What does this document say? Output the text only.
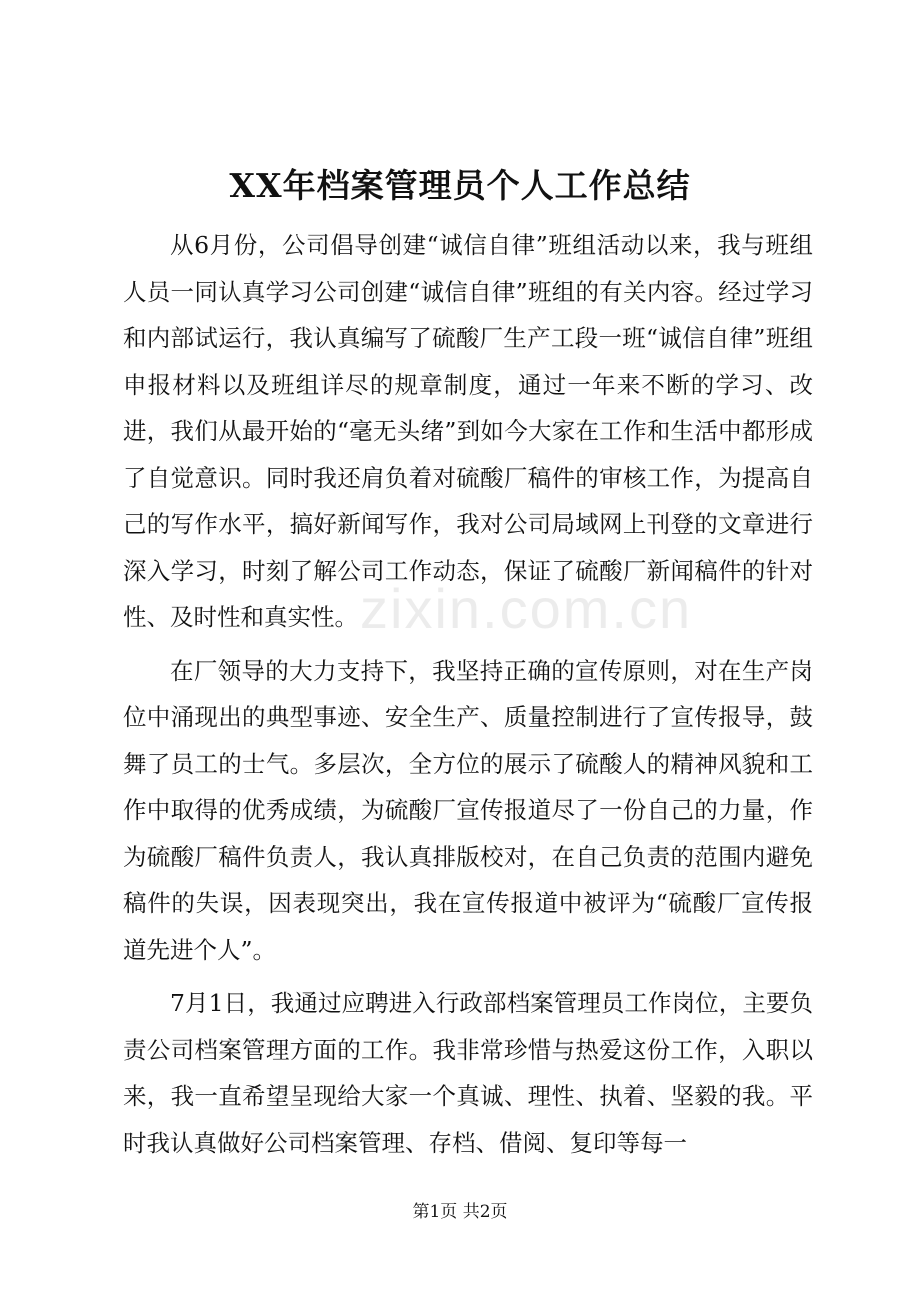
XX年档案管理员个人工作总结

从6月份，公司倡导创建“诚信自律”班组活动以来，我与班组人员一同认真学习公司创建“诚信自律”班组的有关内容。经过学习和内部试运行，我认真编写了硫酸厂生产工段一班“诚信自律”班组申报材料以及班组详尽的规章制度，通过一年来不断的学习、改进，我们从最开始的“毫无头绪”到如今大家在工作和生活中都形成了自觉意识。同时我还肩负着对硫酸厂稿件的审核工作，为提高自己的写作水平，搞好新闻写作，我对公司局域网上刊登的文章进行深入学习，时刻了解公司工作动态，保证了硫酸厂新闻稿件的针对性、及时性和真实性。

在厂领导的大力支持下，我坚持正确的宣传原则，对在生产岗位中涌现出的典型事迹、安全生产、质量控制进行了宣传报导，鼓舞了员工的士气。多层次，全方位的展示了硫酸人的精神风貌和工作中取得的优秀成绩，为硫酸厂宣传报道尽了一份自己的力量，作为硫酸厂稿件负责人，我认真排版校对，在自己负责的范围内避免稿件的失误，因表现突出，我在宣传报道中被评为“硫酸厂宣传报道先进个人”。

7月1日，我通过应聘进入行政部档案管理员工作岗位，主要负责公司档案管理方面的工作。我非常珍惜与热爱这份工作，入职以来，我一直希望呈现给大家一个真诚、理性、执着、坚毅的我。平时我认真做好公司档案管理、存档、借阅、复印等每一

zixin.com.cn
第1页 共2页
